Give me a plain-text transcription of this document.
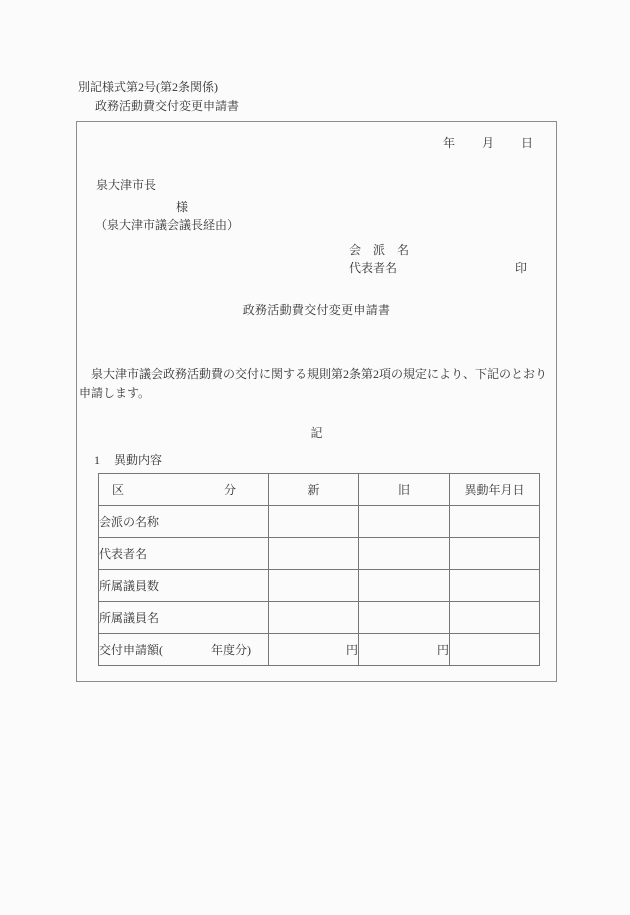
別記様式第2号(第2条関係)
政務活動費交付変更申請書
年 月 日
泉大津市長
様
（泉大津市議会議長経由）
会　派　名
代表者名	印
政務活動費交付変更申請書
　泉大津市議会政務活動費の交付に関する規則第2条第2項の規定により、下記のとおり
申請します。
記
1 異動内容
区 分	新	旧	異動年月日
会派の名称			
代表者名			
所属議員数			
所属議員名			
交付申請額(　　　　年度分)	円	円	
